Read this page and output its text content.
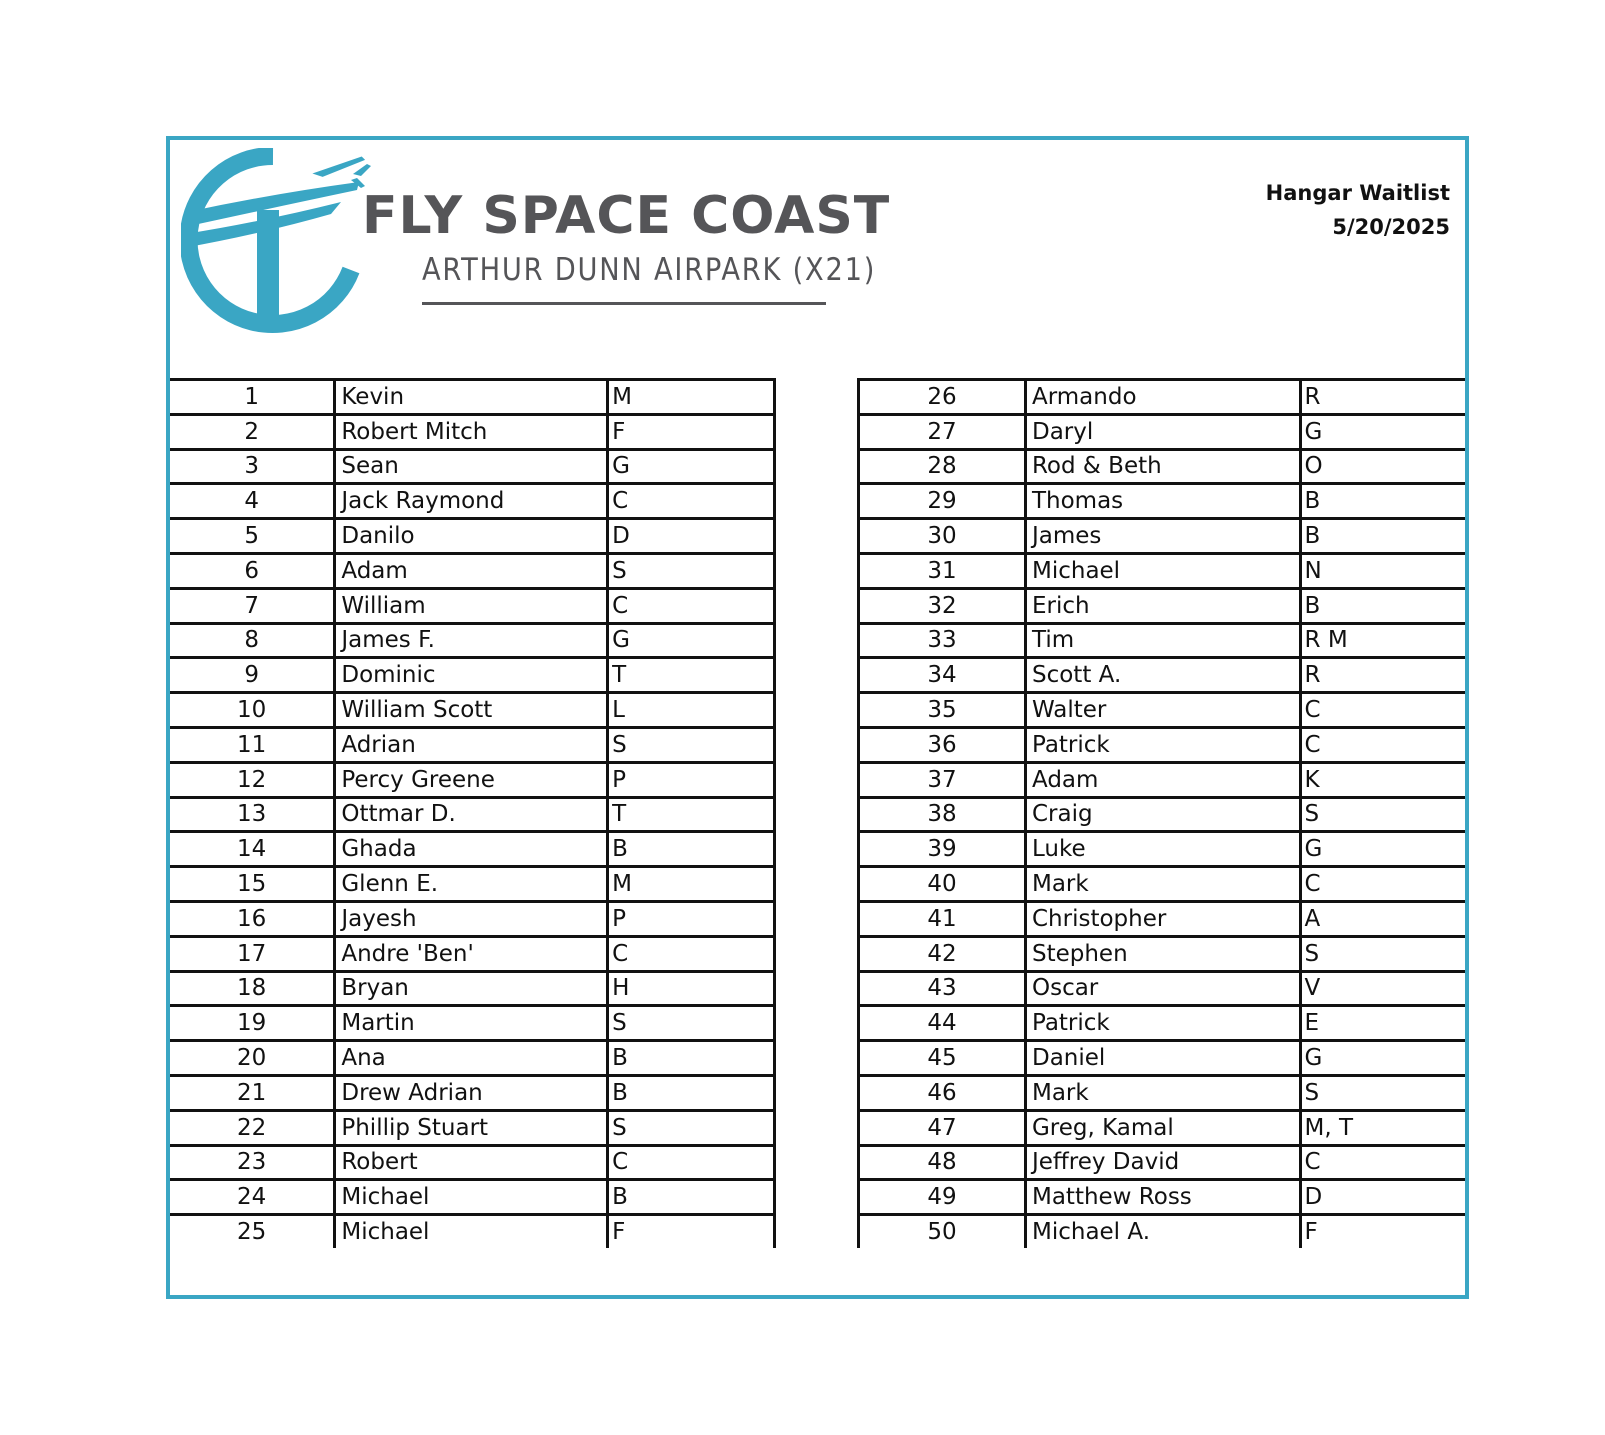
FLY SPACE COAST
ARTHUR DUNN AIRPARK (X21)
Hangar Waitlist
5/20/2025
1	Kevin	M
2	Robert Mitch	F
3	Sean	G
4	Jack Raymond	C
5	Danilo	D
6	Adam	S
7	William	C
8	James F.	G
9	Dominic	T
10	William Scott	L
11	Adrian	S
12	Percy Greene	P
13	Ottmar D.	T
14	Ghada	B
15	Glenn E.	M
16	Jayesh	P
17	Andre 'Ben'	C
18	Bryan	H
19	Martin	S
20	Ana	B
21	Drew Adrian	B
22	Phillip Stuart	S
23	Robert	C
24	Michael	B
25	Michael	F
26	Armando	R
27	Daryl	G
28	Rod & Beth	O
29	Thomas	B
30	James	B
31	Michael	N
32	Erich	B
33	Tim	R M
34	Scott A.	R
35	Walter	C
36	Patrick	C
37	Adam	K
38	Craig	S
39	Luke	G
40	Mark	C
41	Christopher	A
42	Stephen	S
43	Oscar	V
44	Patrick	E
45	Daniel	G
46	Mark	S
47	Greg, Kamal	M, T
48	Jeffrey David	C
49	Matthew Ross	D
50	Michael A.	F
